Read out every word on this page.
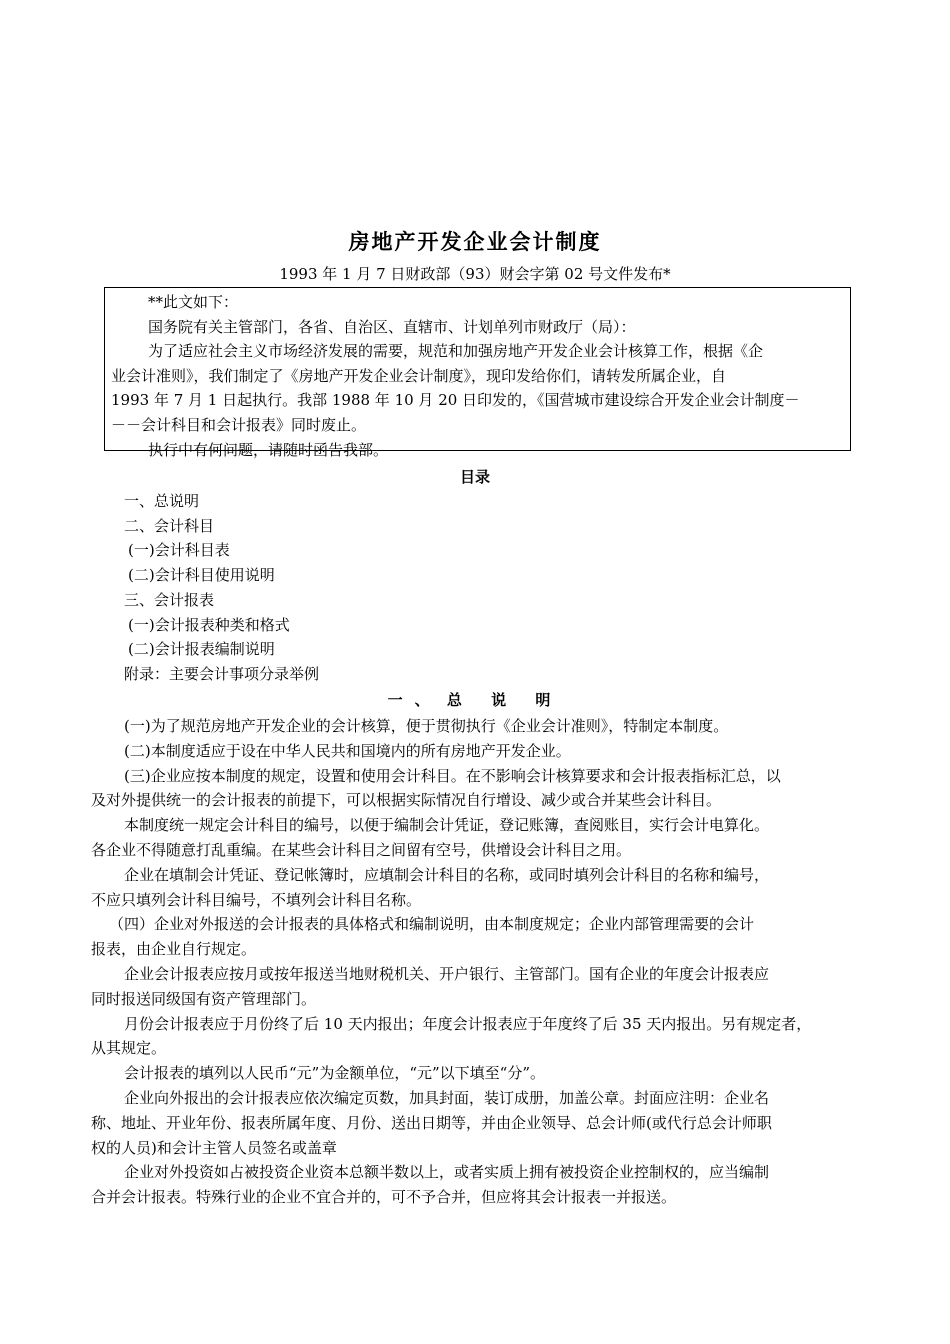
房地产开发企业会计制度
1993 年 1 月 7 日财政部（93）财会字第 02 号文件发布*
**此文如下：
国务院有关主管部门，各省、自治区、直辖市、计划单列市财政厅（局）：
为了适应社会主义市场经济发展的需要，规范和加强房地产开发企业会计核算工作，根据《企
业会计准则》，我们制定了《房地产开发企业会计制度》，现印发给你们，请转发所属企业，自
1993 年 7 月 1 日起执行。我部 1988 年 10 月 20 日印发的，《国营城市建设综合开发企业会计制度－
－－会计科目和会计报表》同时废止。
执行中有何问题，请随时函告我部。
目录
一、总说明
二、会计科目
(一)会计科目表
(二)会计科目使用说明
三、会计报表
(一)会计报表种类和格式
(二)会计报表编制说明
附录：主要会计事项分录举例
一、 总 说 明
(一)为了规范房地产开发企业的会计核算，便于贯彻执行《企业会计准则》，特制定本制度。
(二)本制度适应于设在中华人民共和国境内的所有房地产开发企业。
(三)企业应按本制度的规定，设置和使用会计科目。在不影响会计核算要求和会计报表指标汇总，以
及对外提供统一的会计报表的前提下，可以根据实际情况自行增设、减少或合并某些会计科目。
本制度统一规定会计科目的编号，以便于编制会计凭证，登记账簿，查阅账目，实行会计电算化。
各企业不得随意打乱重编。在某些会计科目之间留有空号，供增设会计科目之用。
企业在填制会计凭证、登记帐簿时，应填制会计科目的名称，或同时填列会计科目的名称和编号，
不应只填列会计科目编号，不填列会计科目名称。
（四）企业对外报送的会计报表的具体格式和编制说明，由本制度规定；企业内部管理需要的会计
报表，由企业自行规定。
企业会计报表应按月或按年报送当地财税机关、开户银行、主管部门。国有企业的年度会计报表应
同时报送同级国有资产管理部门。
月份会计报表应于月份终了后 10 天内报出；年度会计报表应于年度终了后 35 天内报出。另有规定者，
从其规定。
会计报表的填列以人民币“元”为金额单位，“元”以下填至“分”。
企业向外报出的会计报表应依次编定页数，加具封面，装订成册，加盖公章。封面应注明：企业名
称、地址、开业年份、报表所属年度、月份、送出日期等，并由企业领导、总会计师(或代行总会计师职
权的人员)和会计主管人员签名或盖章
企业对外投资如占被投资企业资本总额半数以上，或者实质上拥有被投资企业控制权的，应当编制
合并会计报表。特殊行业的企业不宜合并的，可不予合并，但应将其会计报表一并报送。
